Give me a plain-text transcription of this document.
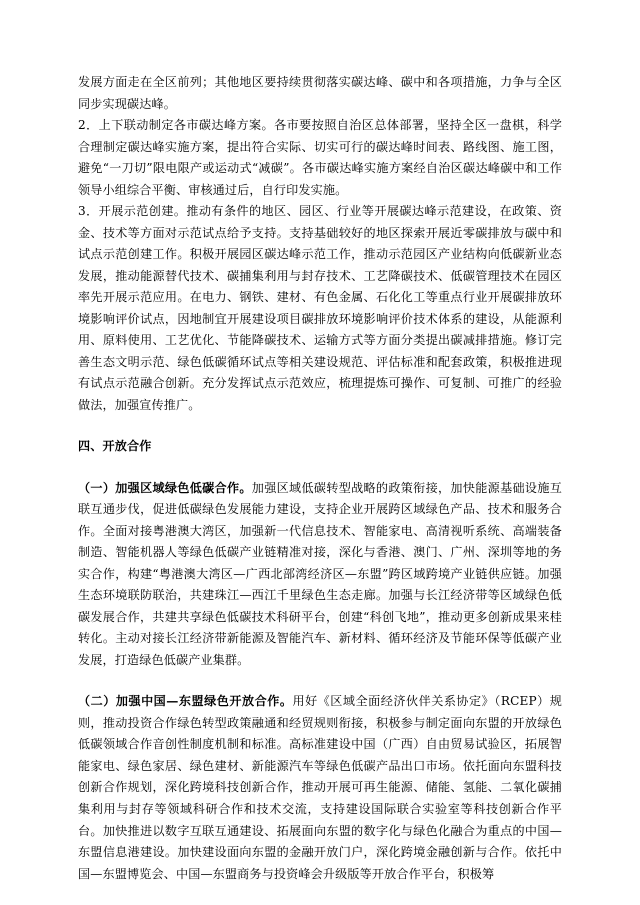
发展方面走在全区前列；其他地区要持续贯彻落实碳达峰、碳中和各项措施，力争与全区同步实现碳达峰。

2．上下联动制定各市碳达峰方案。各市要按照自治区总体部署，坚持全区一盘棋，科学合理制定碳达峰实施方案，提出符合实际、切实可行的碳达峰时间表、路线图、施工图，避免“一刀切”限电限产或运动式“减碳”。各市碳达峰实施方案经自治区碳达峰碳中和工作领导小组综合平衡、审核通过后，自行印发实施。

3．开展示范创建。推动有条件的地区、园区、行业等开展碳达峰示范建设，在政策、资金、技术等方面对示范试点给予支持。支持基础较好的地区探索开展近零碳排放与碳中和试点示范创建工作。积极开展园区碳达峰示范工作，推动示范园区产业结构向低碳新业态发展，推动能源替代技术、碳捕集利用与封存技术、工艺降碳技术、低碳管理技术在园区率先开展示范应用。在电力、钢铁、建材、有色金属、石化化工等重点行业开展碳排放环境影响评价试点，因地制宜开展建设项目碳排放环境影响评价技术体系的建设，从能源利用、原料使用、工艺优化、节能降碳技术、运输方式等方面分类提出碳减排措施。修订完善生态文明示范、绿色低碳循环试点等相关建设规范、评估标准和配套政策，积极推进现有试点示范融合创新。充分发挥试点示范效应，梳理提炼可操作、可复制、可推广的经验做法，加强宣传推广。

四、开放合作

（一）加强区域绿色低碳合作。加强区域低碳转型战略的政策衔接，加快能源基础设施互联互通步伐，促进低碳绿色发展能力建设，支持企业开展跨区域绿色产品、技术和服务合作。全面对接粤港澳大湾区，加强新一代信息技术、智能家电、高清视听系统、高端装备制造、智能机器人等绿色低碳产业链精准对接，深化与香港、澳门、广州、深圳等地的务实合作，构建“粤港澳大湾区—广西北部湾经济区—东盟”跨区域跨境产业链供应链。加强生态环境联防联治，共建珠江—西江千里绿色生态走廊。加强与长江经济带等区域绿色低碳发展合作，共建共享绿色低碳技术科研平台，创建“科创飞地”，推动更多创新成果来桂转化。主动对接长江经济带新能源及智能汽车、新材料、循环经济及节能环保等低碳产业发展，打造绿色低碳产业集群。

（二）加强中国—东盟绿色开放合作。用好《区域全面经济伙伴关系协定》（RCEP）规则，推动投资合作绿色转型政策融通和经贸规则衔接，积极参与制定面向东盟的开放绿色低碳领域合作音创性制度机制和标准。高标准建设中国（广西）自由贸易试验区，拓展智能家电、绿色家居、绿色建材、新能源汽车等绿色低碳产品出口市场。依托面向东盟科技创新合作规划，深化跨境科技创新合作，推动开展可再生能源、储能、氢能、二氧化碳捕集利用与封存等领域科研合作和技术交流，支持建设国际联合实验室等科技创新合作平台。加快推进以数字互联互通建设、拓展面向东盟的数字化与绿色化融合为重点的中国—东盟信息港建设。加快建设面向东盟的金融开放门户，深化跨境金融创新与合作。依托中国—东盟博览会、中国—东盟商务与投资峰会升级版等开放合作平台，积极筹
